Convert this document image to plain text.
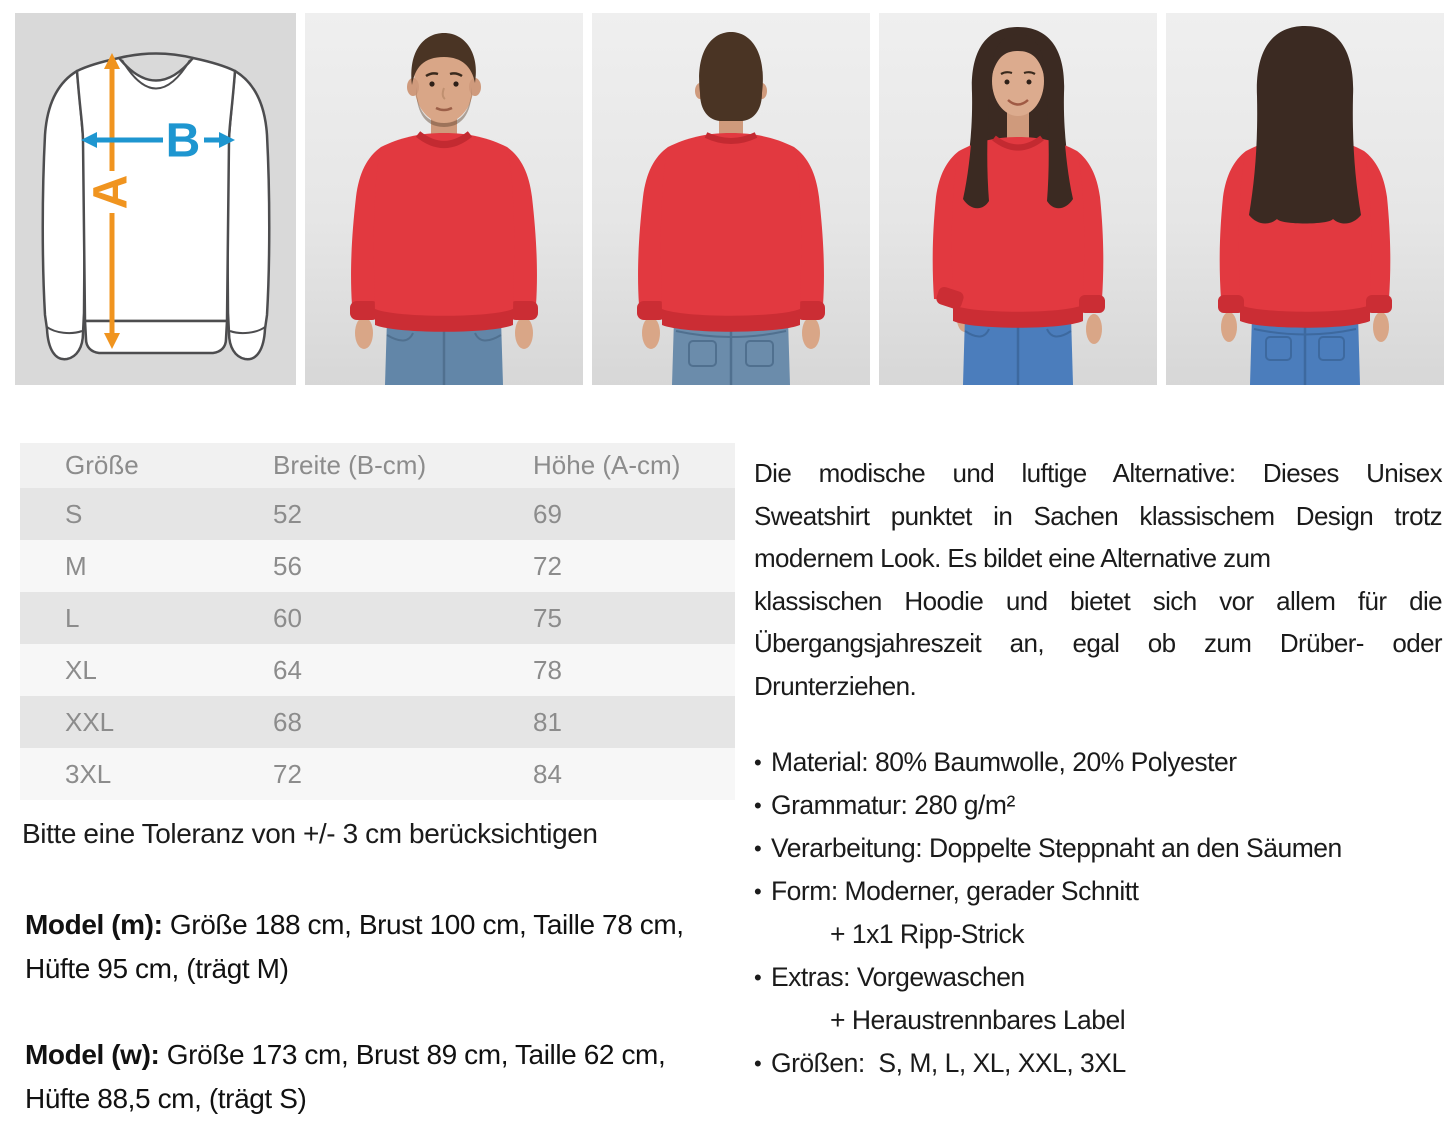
A
B
Größe	Breite (B-cm)	Höhe (A-cm)
S	52	69
M	56	72
L	60	75
XL	64	78
XXL	68	81
3XL	72	84
Bitte eine Toleranz von +/- 3 cm berücksichtigen
Model (m): Größe 188 cm, Brust 100 cm, Taille 78 cm, Hüfte 95 cm, (trägt M)
Model (w): Größe 173 cm, Brust 89 cm, Taille 62 cm, Hüfte 88,5 cm, (trägt S)
Die modische und luftige Alternative: Dieses Unisex
Sweatshirt punktet in Sachen klassischem Design trotz
modernem Look. Es bildet eine Alternative zum
klassischen Hoodie und bietet sich vor allem für die
Übergangsjahreszeit an, egal ob zum Drüber- oder
Drunterziehen.
• Material: 80% Baumwolle, 20% Polyester
• Grammatur: 280 g/m²
• Verarbeitung: Doppelte Steppnaht an den Säumen
• Form: Moderner, gerader Schnitt
+ 1x1 Ripp-Strick
• Extras: Vorgewaschen
+ Heraustrennbares Label
• Größen:  S, M, L, XL, XXL, 3XL
